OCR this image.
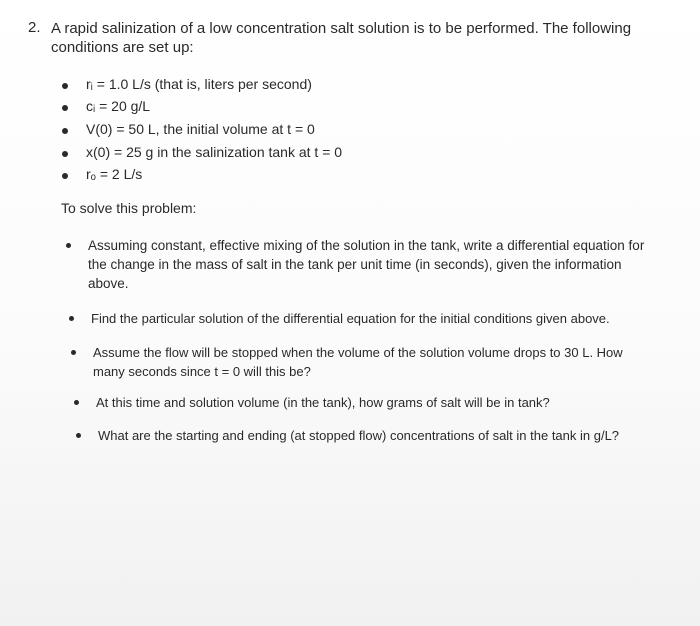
2. A rapid salinization of a low concentration salt solution is to be performed. The following conditions are set up:
rᵢ = 1.0 L/s (that is, liters per second)
cᵢ = 20 g/L
V(0) = 50 L, the initial volume at t = 0
x(0) = 25 g in the salinization tank at t = 0
rₒ = 2 L/s
To solve this problem:
Assuming constant, effective mixing of the solution in the tank, write a differential equation for the change in the mass of salt in the tank per unit time (in seconds), given the information above.
Find the particular solution of the differential equation for the initial conditions given above.
Assume the flow will be stopped when the volume of the solution volume drops to 30 L. How many seconds since t = 0 will this be?
At this time and solution volume (in the tank), how grams of salt will be in tank?
What are the starting and ending (at stopped flow) concentrations of salt in the tank in g/L?
